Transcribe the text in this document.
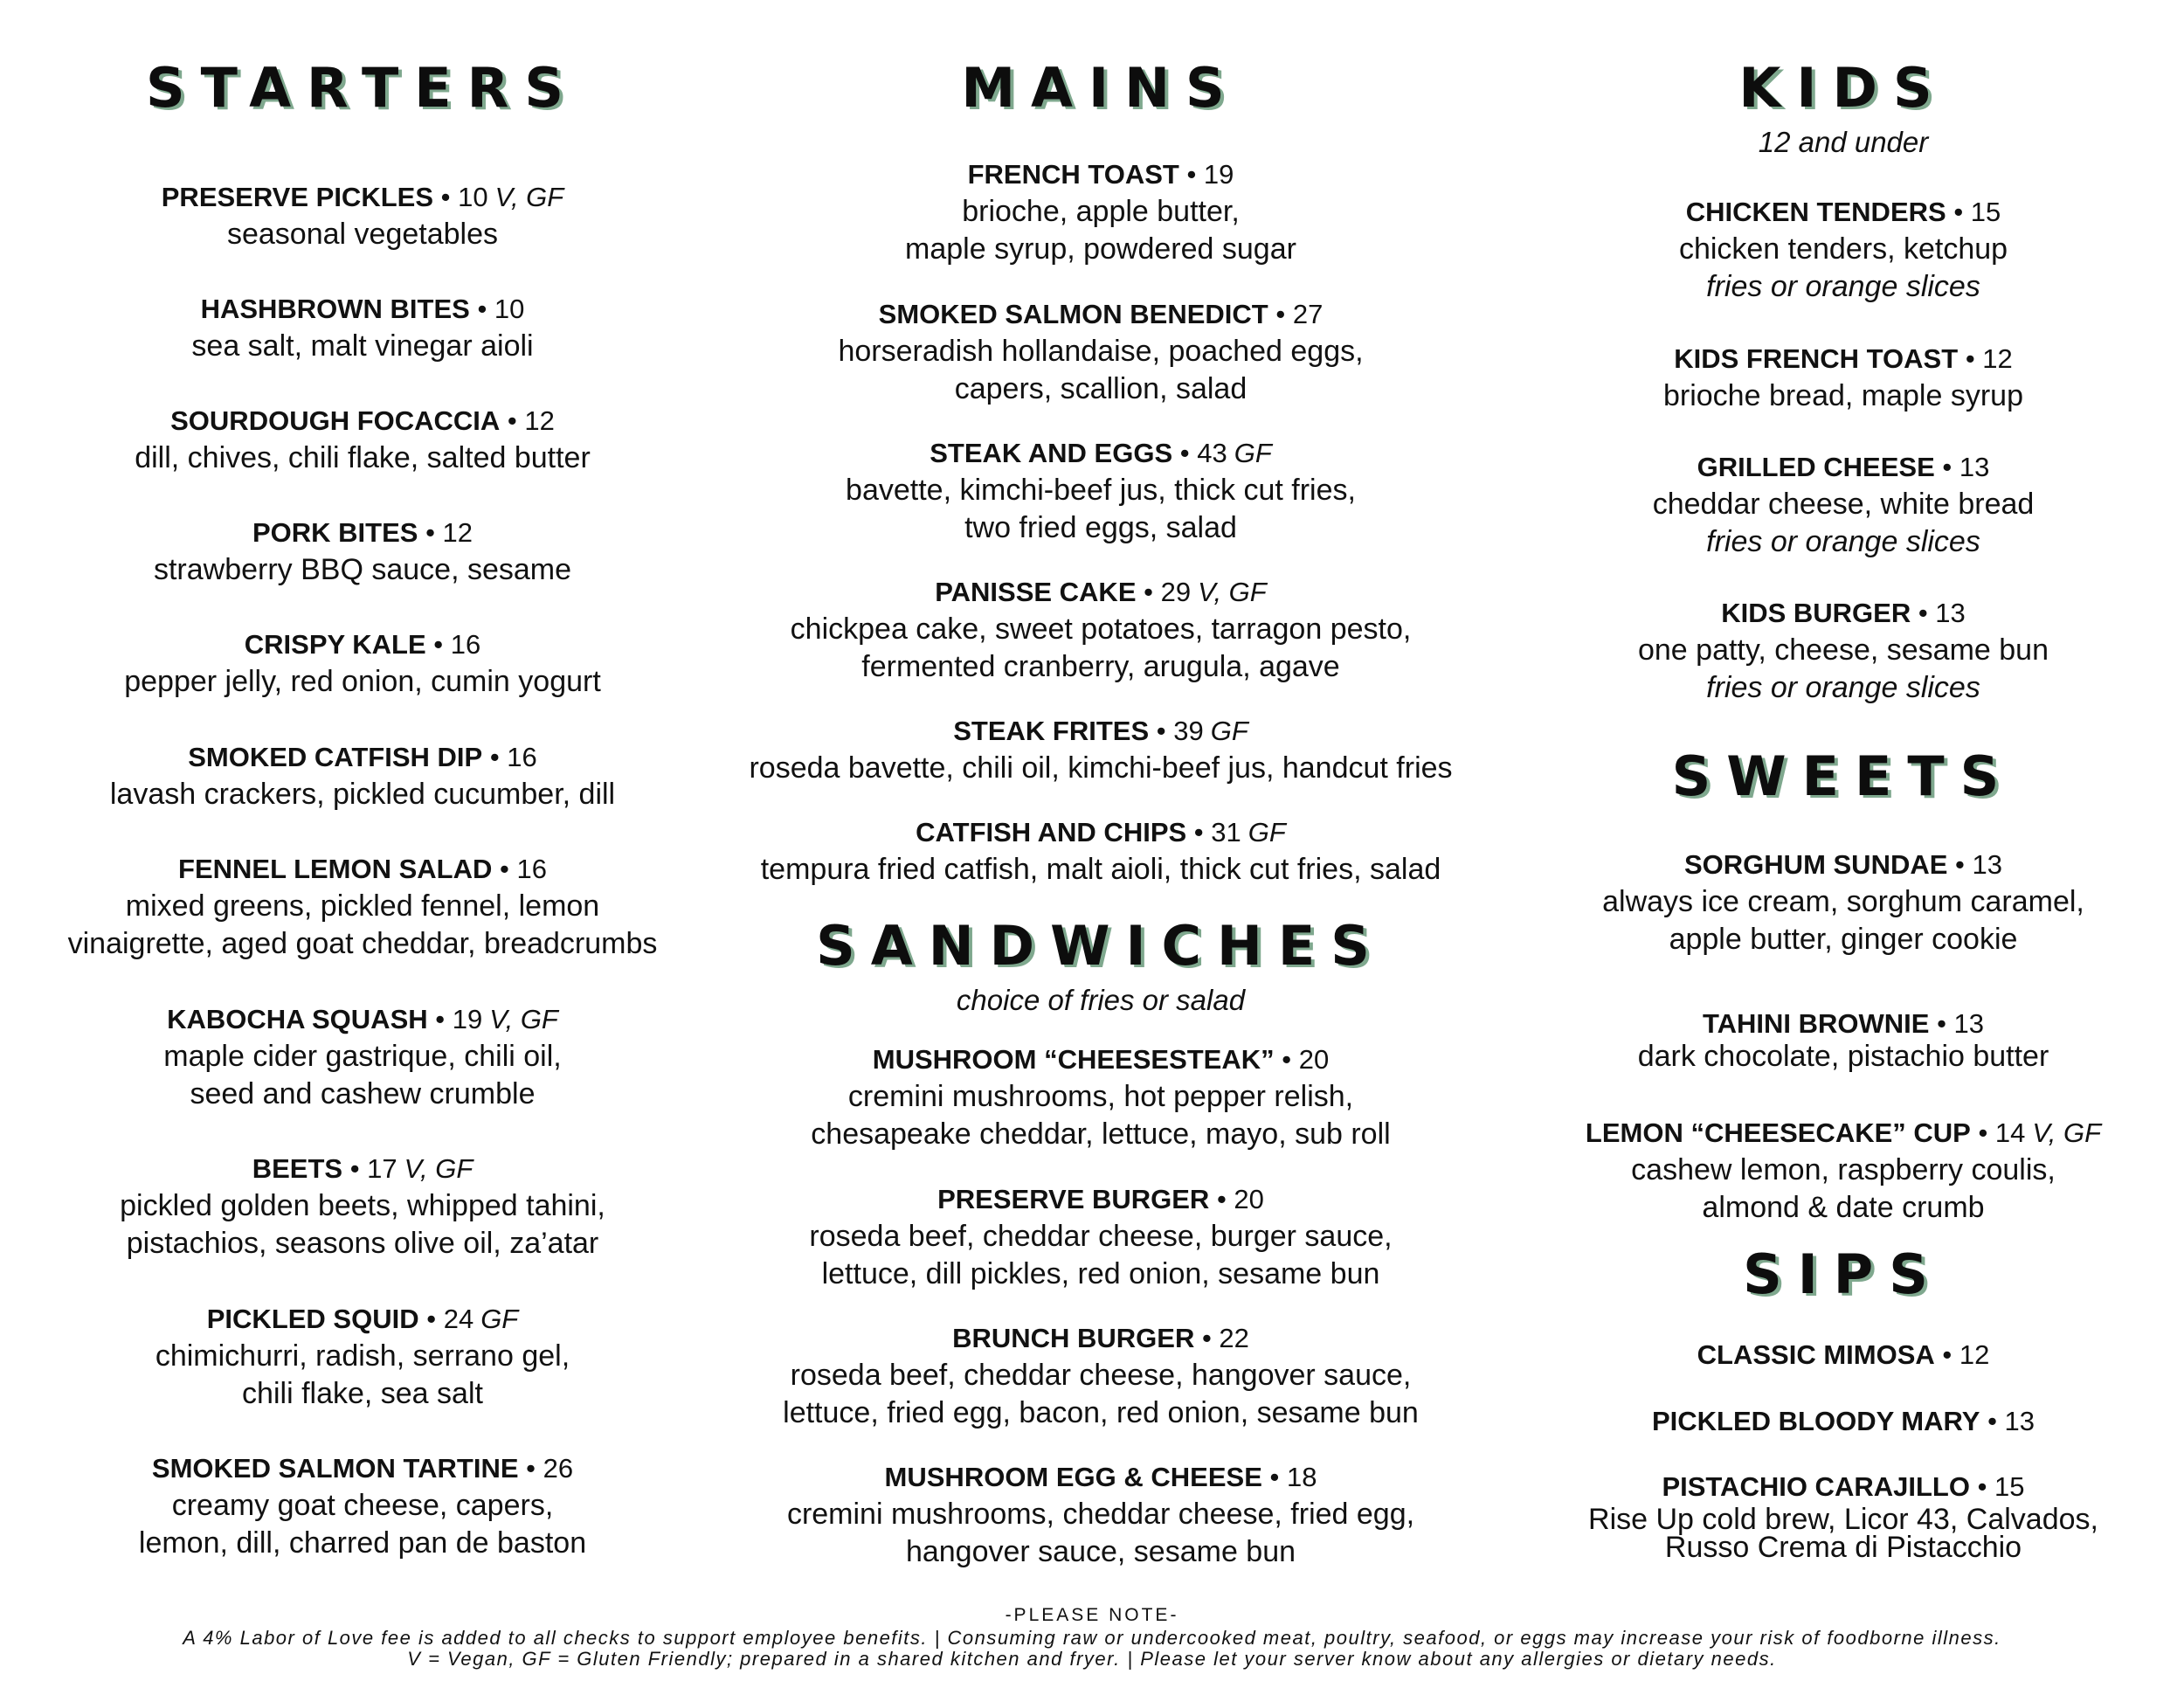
STARTERS
PRESERVE PICKLES • 10 V, GF
seasonal vegetables
HASHBROWN BITES • 10
sea salt, malt vinegar aioli
SOURDOUGH FOCACCIA • 12
dill, chives, chili flake, salted butter
PORK BITES • 12
strawberry BBQ sauce, sesame
CRISPY KALE • 16
pepper jelly, red onion, cumin yogurt
SMOKED CATFISH DIP • 16
lavash crackers, pickled cucumber, dill
FENNEL LEMON SALAD • 16
mixed greens, pickled fennel, lemon
vinaigrette, aged goat cheddar, breadcrumbs
KABOCHA SQUASH • 19 V, GF
maple cider gastrique, chili oil,
seed and cashew crumble
BEETS • 17 V, GF
pickled golden beets, whipped tahini,
pistachios, seasons olive oil, za’atar
PICKLED SQUID • 24 GF
chimichurri, radish, serrano gel,
chili flake, sea salt
SMOKED SALMON TARTINE • 26
creamy goat cheese, capers,
lemon, dill, charred pan de baston
MAINS
FRENCH TOAST • 19
brioche, apple butter,
maple syrup, powdered sugar
SMOKED SALMON BENEDICT • 27
horseradish hollandaise, poached eggs,
capers, scallion, salad
STEAK AND EGGS • 43 GF
bavette, kimchi-beef jus, thick cut fries,
two fried eggs, salad
PANISSE CAKE • 29 V, GF
chickpea cake, sweet potatoes, tarragon pesto,
fermented cranberry, arugula, agave
STEAK FRITES • 39 GF
roseda bavette, chili oil, kimchi-beef jus, handcut fries
CATFISH AND CHIPS • 31 GF
tempura fried catfish, malt aioli, thick cut fries, salad
SANDWICHES

choice of fries or salad

MUSHROOM “CHEESESTEAK” • 20
cremini mushrooms, hot pepper relish,
chesapeake cheddar, lettuce, mayo, sub roll
PRESERVE BURGER • 20
roseda beef, cheddar cheese, burger sauce,
lettuce, dill pickles, red onion, sesame bun
BRUNCH BURGER • 22
roseda beef, cheddar cheese, hangover sauce,
lettuce, fried egg, bacon, red onion, sesame bun
MUSHROOM EGG & CHEESE • 18
cremini mushrooms, cheddar cheese, fried egg,
hangover sauce, sesame bun
KIDS

12 and under

CHICKEN TENDERS • 15
chicken tenders, ketchup
fries or orange slices
KIDS FRENCH TOAST • 12
brioche bread, maple syrup
GRILLED CHEESE • 13
cheddar cheese, white bread
fries or orange slices
KIDS BURGER • 13
one patty, cheese, sesame bun
fries or orange slices
SWEETS
SORGHUM SUNDAE • 13
always ice cream, sorghum caramel,
apple butter, ginger cookie
TAHINI BROWNIE • 13
dark chocolate, pistachio butter
LEMON “CHEESECAKE” CUP • 14 V, GF
cashew lemon, raspberry coulis,
almond & date crumb
SIPS
CLASSIC MIMOSA • 12
PICKLED BLOODY MARY • 13
PISTACHIO CARAJILLO • 15
Rise Up cold brew, Licor 43, Calvados,
Russo Crema di Pistacchio
-PLEASE NOTE-
A 4% Labor of Love fee is added to all checks to support employee benefits. | Consuming raw or undercooked meat, poultry, seafood, or eggs may increase your risk of foodborne illness.
V = Vegan, GF = Gluten Friendly; prepared in a shared kitchen and fryer. | Please let your server know about any allergies or dietary needs.
